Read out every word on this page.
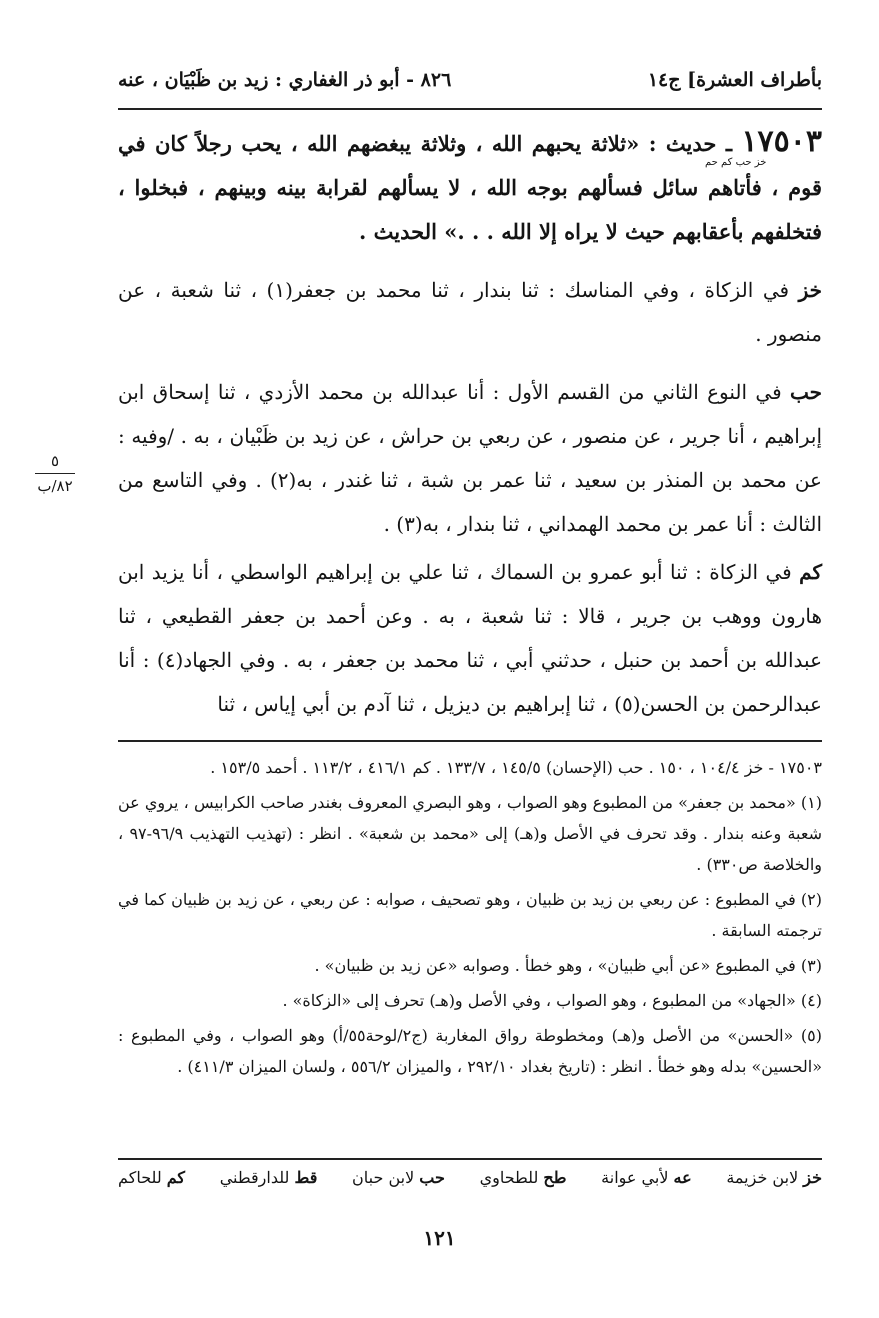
بأطراف العشرة] ج١٤
٨٢٦ - أبو ذر الغفاري : زيد بن ظَبْيَان ، عنه
١٧٥٠٣ ـ حديث : «ثلاثة يحبهم الله ، وثلاثة يبغضهم الله ، يحب رجلاً كان في قوم ، فأتاهم سائل فسألهم بوجه الله ، لا يسألهم لقرابة بينه وبينهم ، فبخلوا ، فتخلفهم بأعقابهم حيث لا يراه إلا الله . . .» الحديث .
خز حب كم حم
خز في الزكاة ، وفي المناسك : ثنا بندار ، ثنا محمد بن جعفر(١) ، ثنا شعبة ، عن منصور .
حب في النوع الثاني من القسم الأول : أنا عبدالله بن محمد الأزدي ، ثنا إسحاق ابن إبراهيم ، أنا جرير ، عن منصور ، عن ربعي بن حراش ، عن زيد بن ظَبْيان ، به . /وفيه : عن محمد بن المنذر بن سعيد ، ثنا عمر بن شبة ، ثنا غندر ، به(٢) . وفي التاسع من الثالث : أنا عمر بن محمد الهمداني ، ثنا بندار ، به(٣) .
كم في الزكاة : ثنا أبو عمرو بن السماك ، ثنا علي بن إبراهيم الواسطي ، أنا يزيد ابن هارون ووهب بن جرير ، قالا : ثنا شعبة ، به . وعن أحمد بن جعفر القطيعي ، ثنا عبدالله بن أحمد بن حنبل ، حدثني أبي ، ثنا محمد بن جعفر ، به . وفي الجهاد(٤) : أنا عبدالرحمن بن الحسن(٥) ، ثنا إبراهيم بن ديزيل ، ثنا آدم بن أبي إياس ، ثنا
٥
٨٢/ب

١٧٥٠٣ - خز ١٠٤/٤ ، ١٥٠ . حب (الإحسان) ١٤٥/٥ ، ١٣٣/٧ . كم ٤١٦/١ ، ١١٣/٢ . أحمد ١٥٣/٥ .

(١) «محمد بن جعفر» من المطبوع وهو الصواب ، وهو البصري المعروف بغندر صاحب الكرابيس ، يروي عن شعبة وعنه بندار . وقد تحرف في الأصل و(هـ) إلى «محمد بن شعبة» . انظر : (تهذيب التهذيب ٩٦/٩-٩٧ ، والخلاصة ص٣٣٠) .

(٢) في المطبوع : عن ربعي بن زيد بن ظبيان ، وهو تصحيف ، صوابه : عن ربعي ، عن زيد بن ظبيان كما في ترجمته السابقة .

(٣) في المطبوع «عن أبي ظبيان» ، وهو خطأ . وصوابه «عن زيد بن ظبيان» .

(٤) «الجهاد» من المطبوع ، وهو الصواب ، وفي الأصل و(هـ) تحرف إلى «الزكاة» .

(٥) «الحسن» من الأصل و(هـ) ومخطوطة رواق المغاربة (ج٢/لوحة٥٥/أ) وهو الصواب ، وفي المطبوع : «الحسين» بدله وهو خطأ . انظر : (تاريخ بغداد ٢٩٢/١٠ ، والميزان ٥٥٦/٢ ، ولسان الميزان ٤١١/٣) .

خز لابن خزيمة
عه لأبي عوانة
طح للطحاوي
حب لابن حبان
قط للدارقطني
كم للحاكم
١٢١
